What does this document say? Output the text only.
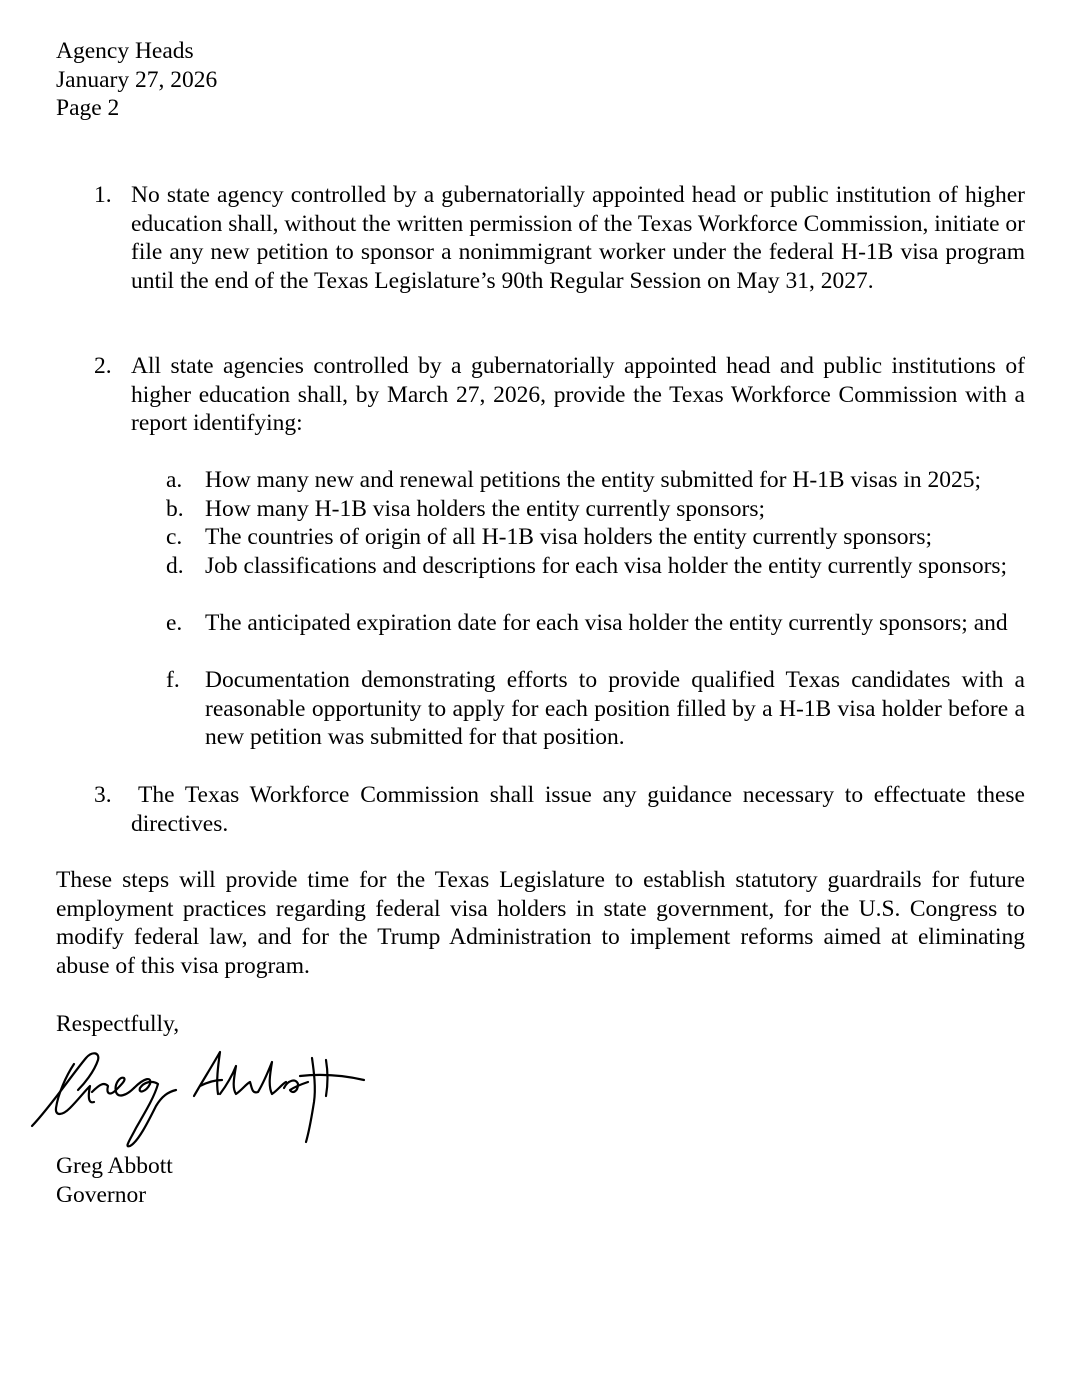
Agency Heads
January 27, 2026
Page 2
1. No state agency controlled by a gubernatorially appointed head or public institution of higher education shall, without the written permission of the Texas Workforce Commission, initiate or file any new petition to sponsor a nonimmigrant worker under the federal H-1B visa program until the end of the Texas Legislature’s 90th Regular Session on May 31, 2027.
2. All state agencies controlled by a gubernatorially appointed head and public institutions of higher education shall, by March 27, 2026, provide the Texas Workforce Commission with a report identifying:
a. How many new and renewal petitions the entity submitted for H-1B visas in 2025;
b. How many H-1B visa holders the entity currently sponsors;
c. The countries of origin of all H-1B visa holders the entity currently sponsors;
d. Job classifications and descriptions for each visa holder the entity currently sponsors;
e. The anticipated expiration date for each visa holder the entity currently sponsors; and
f. Documentation demonstrating efforts to provide qualified Texas candidates with a reasonable opportunity to apply for each position filled by a H-1B visa holder before a new petition was submitted for that position.
3. The Texas Workforce Commission shall issue any guidance necessary to effectuate these directives.
These steps will provide time for the Texas Legislature to establish statutory guardrails for future employment practices regarding federal visa holders in state government, for the U.S. Congress to modify federal law, and for the Trump Administration to implement reforms aimed at eliminating abuse of this visa program.
Respectfully,
Greg Abbott
Governor
